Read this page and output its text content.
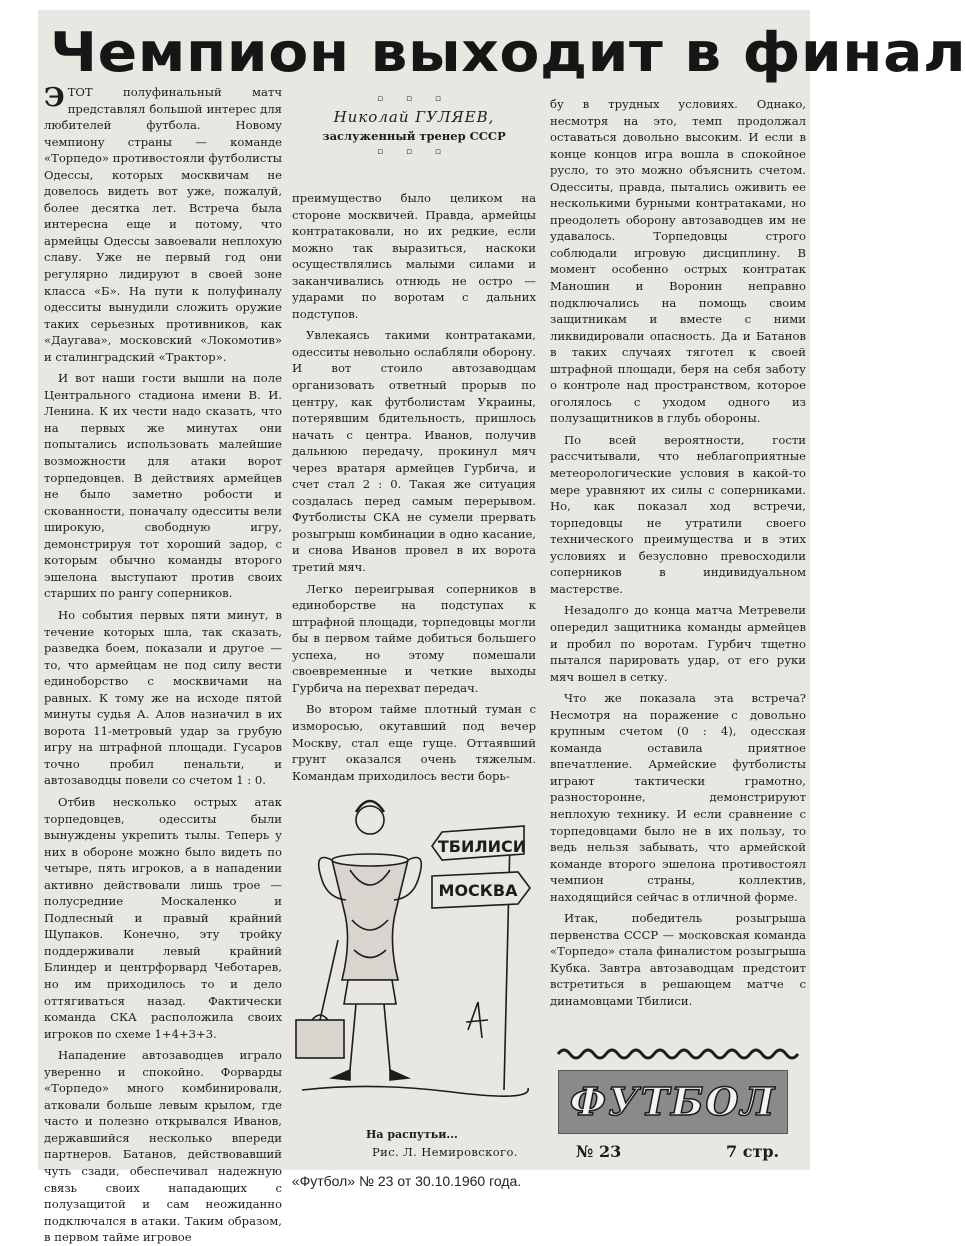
Чемпион выходит в финал

ЭТОТ полуфинальный матч представлял большой интерес для любителей футбола. Новому чемпиону страны — команде «Торпедо» противостояли футболисты Одессы, которых москвичам не довелось видеть вот уже, пожалуй, более десятка лет. Встреча была интересна еще и потому, что армейцы Одессы завоевали неплохую славу. Уже не первый год они регулярно лидируют в своей зоне класса «Б». На пути к полуфиналу одесситы вынудили сложить оружие таких серьезных противников, как «Даугава», московский «Локомотив» и сталинградский «Трактор».

И вот наши гости вышли на поле Центрального стадиона имени В. И. Ленина. К их чести надо сказать, что на первых же минутах они попытались использовать малейшие возможности для атаки ворот торпедовцев. В действиях армейцев не было заметно робости и скованности, поначалу одесситы вели широкую, свободную игру, демонстрируя тот хороший задор, с которым обычно команды второго эшелона выступают против своих старших по рангу соперников.

Но события первых пяти минут, в течение которых шла, так сказать, разведка боем, показали и другое — то, что армейцам не под силу вести единоборство с москвичами на равных. К тому же на исходе пятой минуты судья А. Алов назначил в их ворота 11-метровый удар за грубую игру на штрафной площади. Гусаров точно пробил пенальти, и автозаводцы повели со счетом 1 : 0.

Отбив несколько острых атак торпедовцев, одесситы были вынуждены укрепить тылы. Теперь у них в обороне можно было видеть по четыре, пять игроков, а в нападении активно действовали лишь трое — полусредние Москаленко и Подлесный и правый крайний Щупаков. Конечно, эту тройку поддерживали левый крайний Блиндер и центрфорвард Чеботарев, но им приходилось то и дело оттягиваться назад. Фактически команда СКА расположила своих игроков по схеме 1+4+3+3.

Нападение автозаводцев играло уверенно и спокойно. Форварды «Торпедо» много комбинировали, атковали больше левым крылом, где часто и полезно открывался Иванов, державшийся несколько впереди партнеров. Батанов, действовавший чуть сзади, обеспечивал надежную связь своих нападающих с полузащитой и сам неожиданно подключался в атаки. Таким образом, в первом тайме игровое

▫ ▫ ▫
Николай ГУЛЯЕВ,
заслуженный тренер СССР
▫ ▫ ▫

преимущество было целиком на стороне москвичей. Правда, армейцы контратаковали, но их редкие, если можно так выразиться, наскоки осуществлялись малыми силами и заканчивались отнюдь не остро — ударами по воротам с дальних подступов.

Увлекаясь такими контратаками, одесситы невольно ослабляли оборону. И вот стоило автозаводцам организовать ответный прорыв по центру, как футболистам Украины, потерявшим бдительность, пришлось начать с центра. Иванов, получив дальнюю передачу, прокинул мяч через вратаря армейцев Гурбича, и счет стал 2 : 0. Такая же ситуация создалась перед самым перерывом. Футболисты СКА не сумели прервать розыгрыш комбинации в одно касание, и снова Иванов провел в их ворота третий мяч.

Легко переигрывая соперников в единоборстве на подступах к штрафной площади, торпедовцы могли бы в первом тайме добиться большего успеха, но этому помешали своевременные и четкие выходы Гурбича на перехват передач.

Во втором тайме плотный туман с изморосью, окутавший под вечер Москву, стал еще гуще. Оттаявший грунт оказался очень тяжелым. Командам приходилось вести борь-

ТБИЛИСИ
МОСКВА
На распутьи...
Рис. Л. Немировского.

бу в трудных условиях. Однако, несмотря на это, темп продолжал оставаться довольно высоким. И если в конце концов игра вошла в спокойное русло, то это можно объяснить счетом. Одесситы, правда, пытались оживить ее несколькими бурными контратаками, но преодолеть оборону автозаводцев им не удавалось. Торпедовцы строго соблюдали игровую дисциплину. В момент особенно острых контратак Маношин и Воронин неправно подключались на помощь своим защитникам и вместе с ними ликвидировали опасность. Да и Батанов в таких случаях тяготел к своей штрафной площади, беря на себя заботу о контроле над пространством, которое оголялось с уходом одного из полузащитников в глубь обороны.

По всей вероятности, гости рассчитывали, что неблагоприятные метеорологические условия в какой-то мере уравняют их силы с соперниками. Но, как показал ход встречи, торпедовцы не утратили своего технического преимущества и в этих условиях и безусловно превосходили соперников в индивидуальном мастерстве.

Незадолго до конца матча Метревели опередил защитника команды армейцев и пробил по воротам. Гурбич тщетно пытался парировать удар, от его руки мяч вошел в сетку.

Что же показала эта встреча? Несмотря на поражение с довольно крупным счетом (0 : 4), одесская команда оставила приятное впечатление. Армейские футболисты играют тактически грамотно, разносторонне, демонстрируют неплохую технику. И если сравнение с торпедовцами было не в их пользу, то ведь нельзя забывать, что армейской команде второго эшелона противостоял чемпион страны, коллектив, находящийся сейчас в отличной форме.

Итак, победитель розыгрыша первенства СССР — московская команда «Торпедо» стала финалистом розыгрыша Кубка. Завтра автозаводцам предстоит встретиться в решающем матче с динамовцами Тбилиси.

ФУТБОЛ
№ 23	7 стр.
«Футбол» № 23 от 30.10.1960 года.
